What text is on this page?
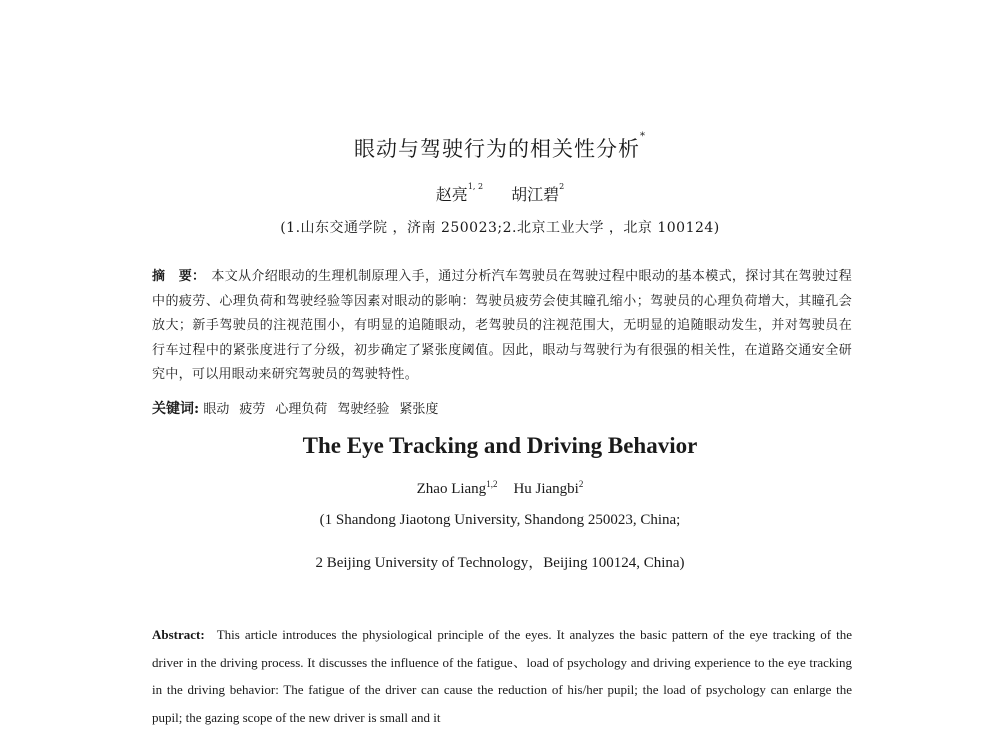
眼动与驾驶行为的相关性分析*
赵亮$^{1, 2}$ 胡江碧$^2$
(1.山东交通学院 ，济南 250023;2.北京工业大学 ，北京 100124)
摘　要： 本文从介绍眼动的生理机制原理入手，通过分析汽车驾驶员在驾驶过程中眼动的基本模式，探讨其在驾驶过程中的疲劳、心理负荷和驾驶经验等因素对眼动的影响：驾驶员疲劳会使其瞳孔缩小；驾驶员的心理负荷增大，其瞳孔会放大；新手驾驶员的注视范围小，有明显的追随眼动，老驾驶员的注视范围大，无明显的追随眼动发生，并对驾驶员在行车过程中的紧张度进行了分级，初步确定了紧张度阈值。因此，眼动与驾驶行为有很强的相关性，在道路交通安全研究中，可以用眼动来研究驾驶员的驾驶特性。
关键词: 眼动 疲劳 心理负荷 驾驶经验 紧张度
The Eye Tracking and Driving Behavior
Zhao Liang$^{1,2}$ Hu Jiangbi$^2$
(1 Shandong Jiaotong University, Shandong 250023, China;
2 Beijing University of Technology，Beijing 100124, China)
Abstract: This article introduces the physiological principle of the eyes. It analyzes the basic pattern of the eye tracking of the driver in the driving process. It discusses the influence of the fatigue、load of psychology and driving experience to the eye tracking in the driving behavior: The fatigue of the driver can cause the reduction of his/her pupil; the load of psychology can enlarge the pupil; the gazing scope of the new driver is small and it
